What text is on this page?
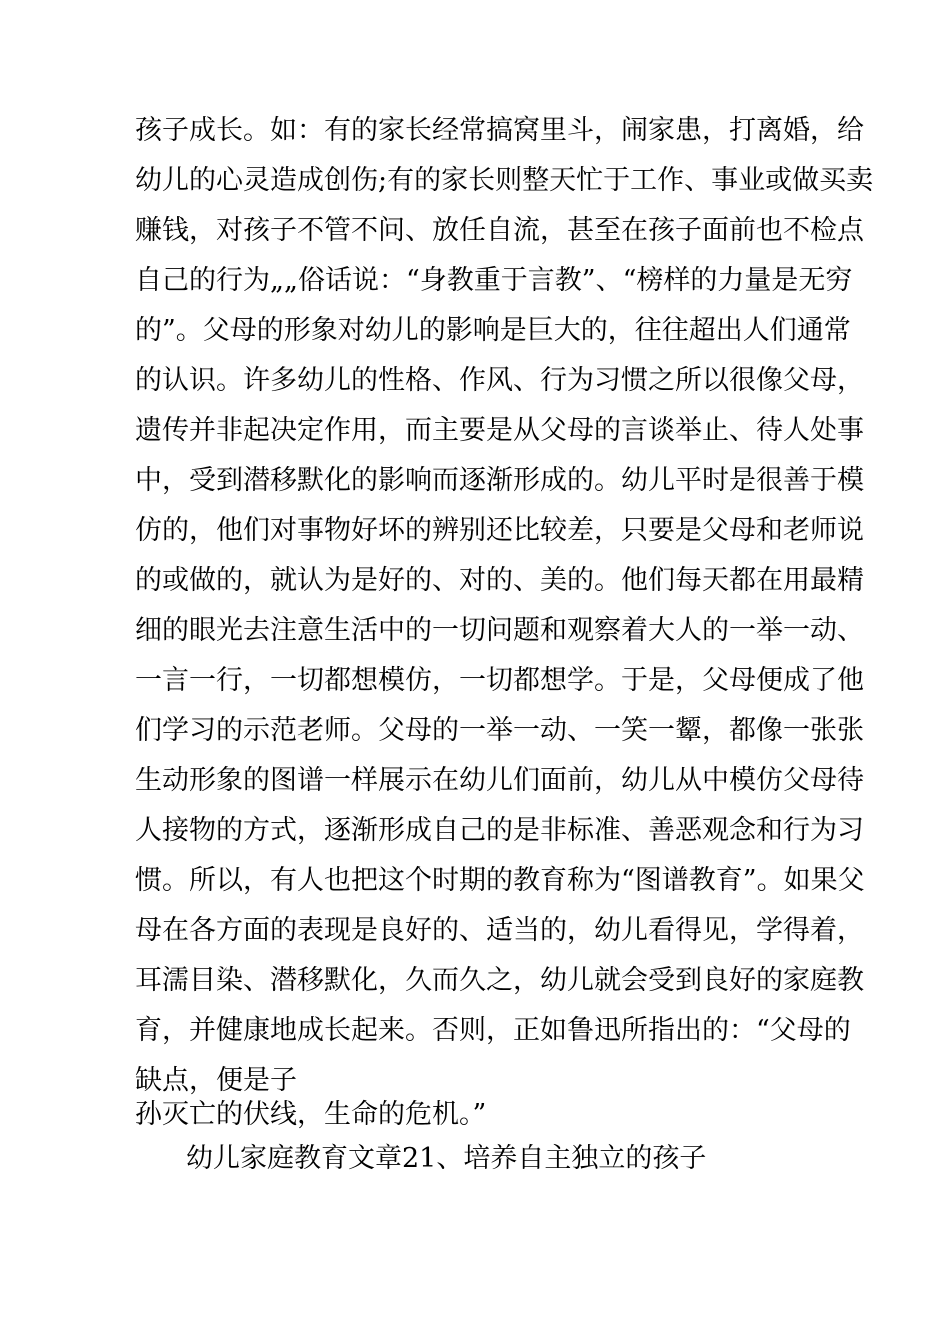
孩子成长。如：有的家长经常搞窝里斗，闹家患，打离婚，给
幼儿的心灵造成创伤;有的家长则整天忙于工作、事业或做买卖
赚钱，对孩子不管不问、放任自流，甚至在孩子面前也不检点
自己的行为„„俗话说：“身教重于言教”、“榜样的力量是无穷
的”。父母的形象对幼儿的影响是巨大的，往往超出人们通常
的认识。许多幼儿的性格、作风、行为习惯之所以很像父母，
遗传并非起决定作用，而主要是从父母的言谈举止、待人处事
中，受到潜移默化的影响而逐渐形成的。幼儿平时是很善于模
仿的，他们对事物好坏的辨别还比较差，只要是父母和老师说
的或做的，就认为是好的、对的、美的。他们每天都在用最精
细的眼光去注意生活中的一切问题和观察着大人的一举一动、
一言一行，一切都想模仿，一切都想学。于是，父母便成了他
们学习的示范老师。父母的一举一动、一笑一颦，都像一张张
生动形象的图谱一样展示在幼儿们面前，幼儿从中模仿父母待
人接物的方式，逐渐形成自己的是非标准、善恶观念和行为习
惯。所以，有人也把这个时期的教育称为“图谱教育”。如果父
母在各方面的表现是良好的、适当的，幼儿看得见，学得着，
耳濡目染、潜移默化，久而久之，幼儿就会受到良好的家庭教
育，并健康地成长起来。否则，正如鲁迅所指出的：“父母的
缺点，便是子
孙灭亡的伏线，生命的危机。”
幼儿家庭教育文章21、培养自主独立的孩子
